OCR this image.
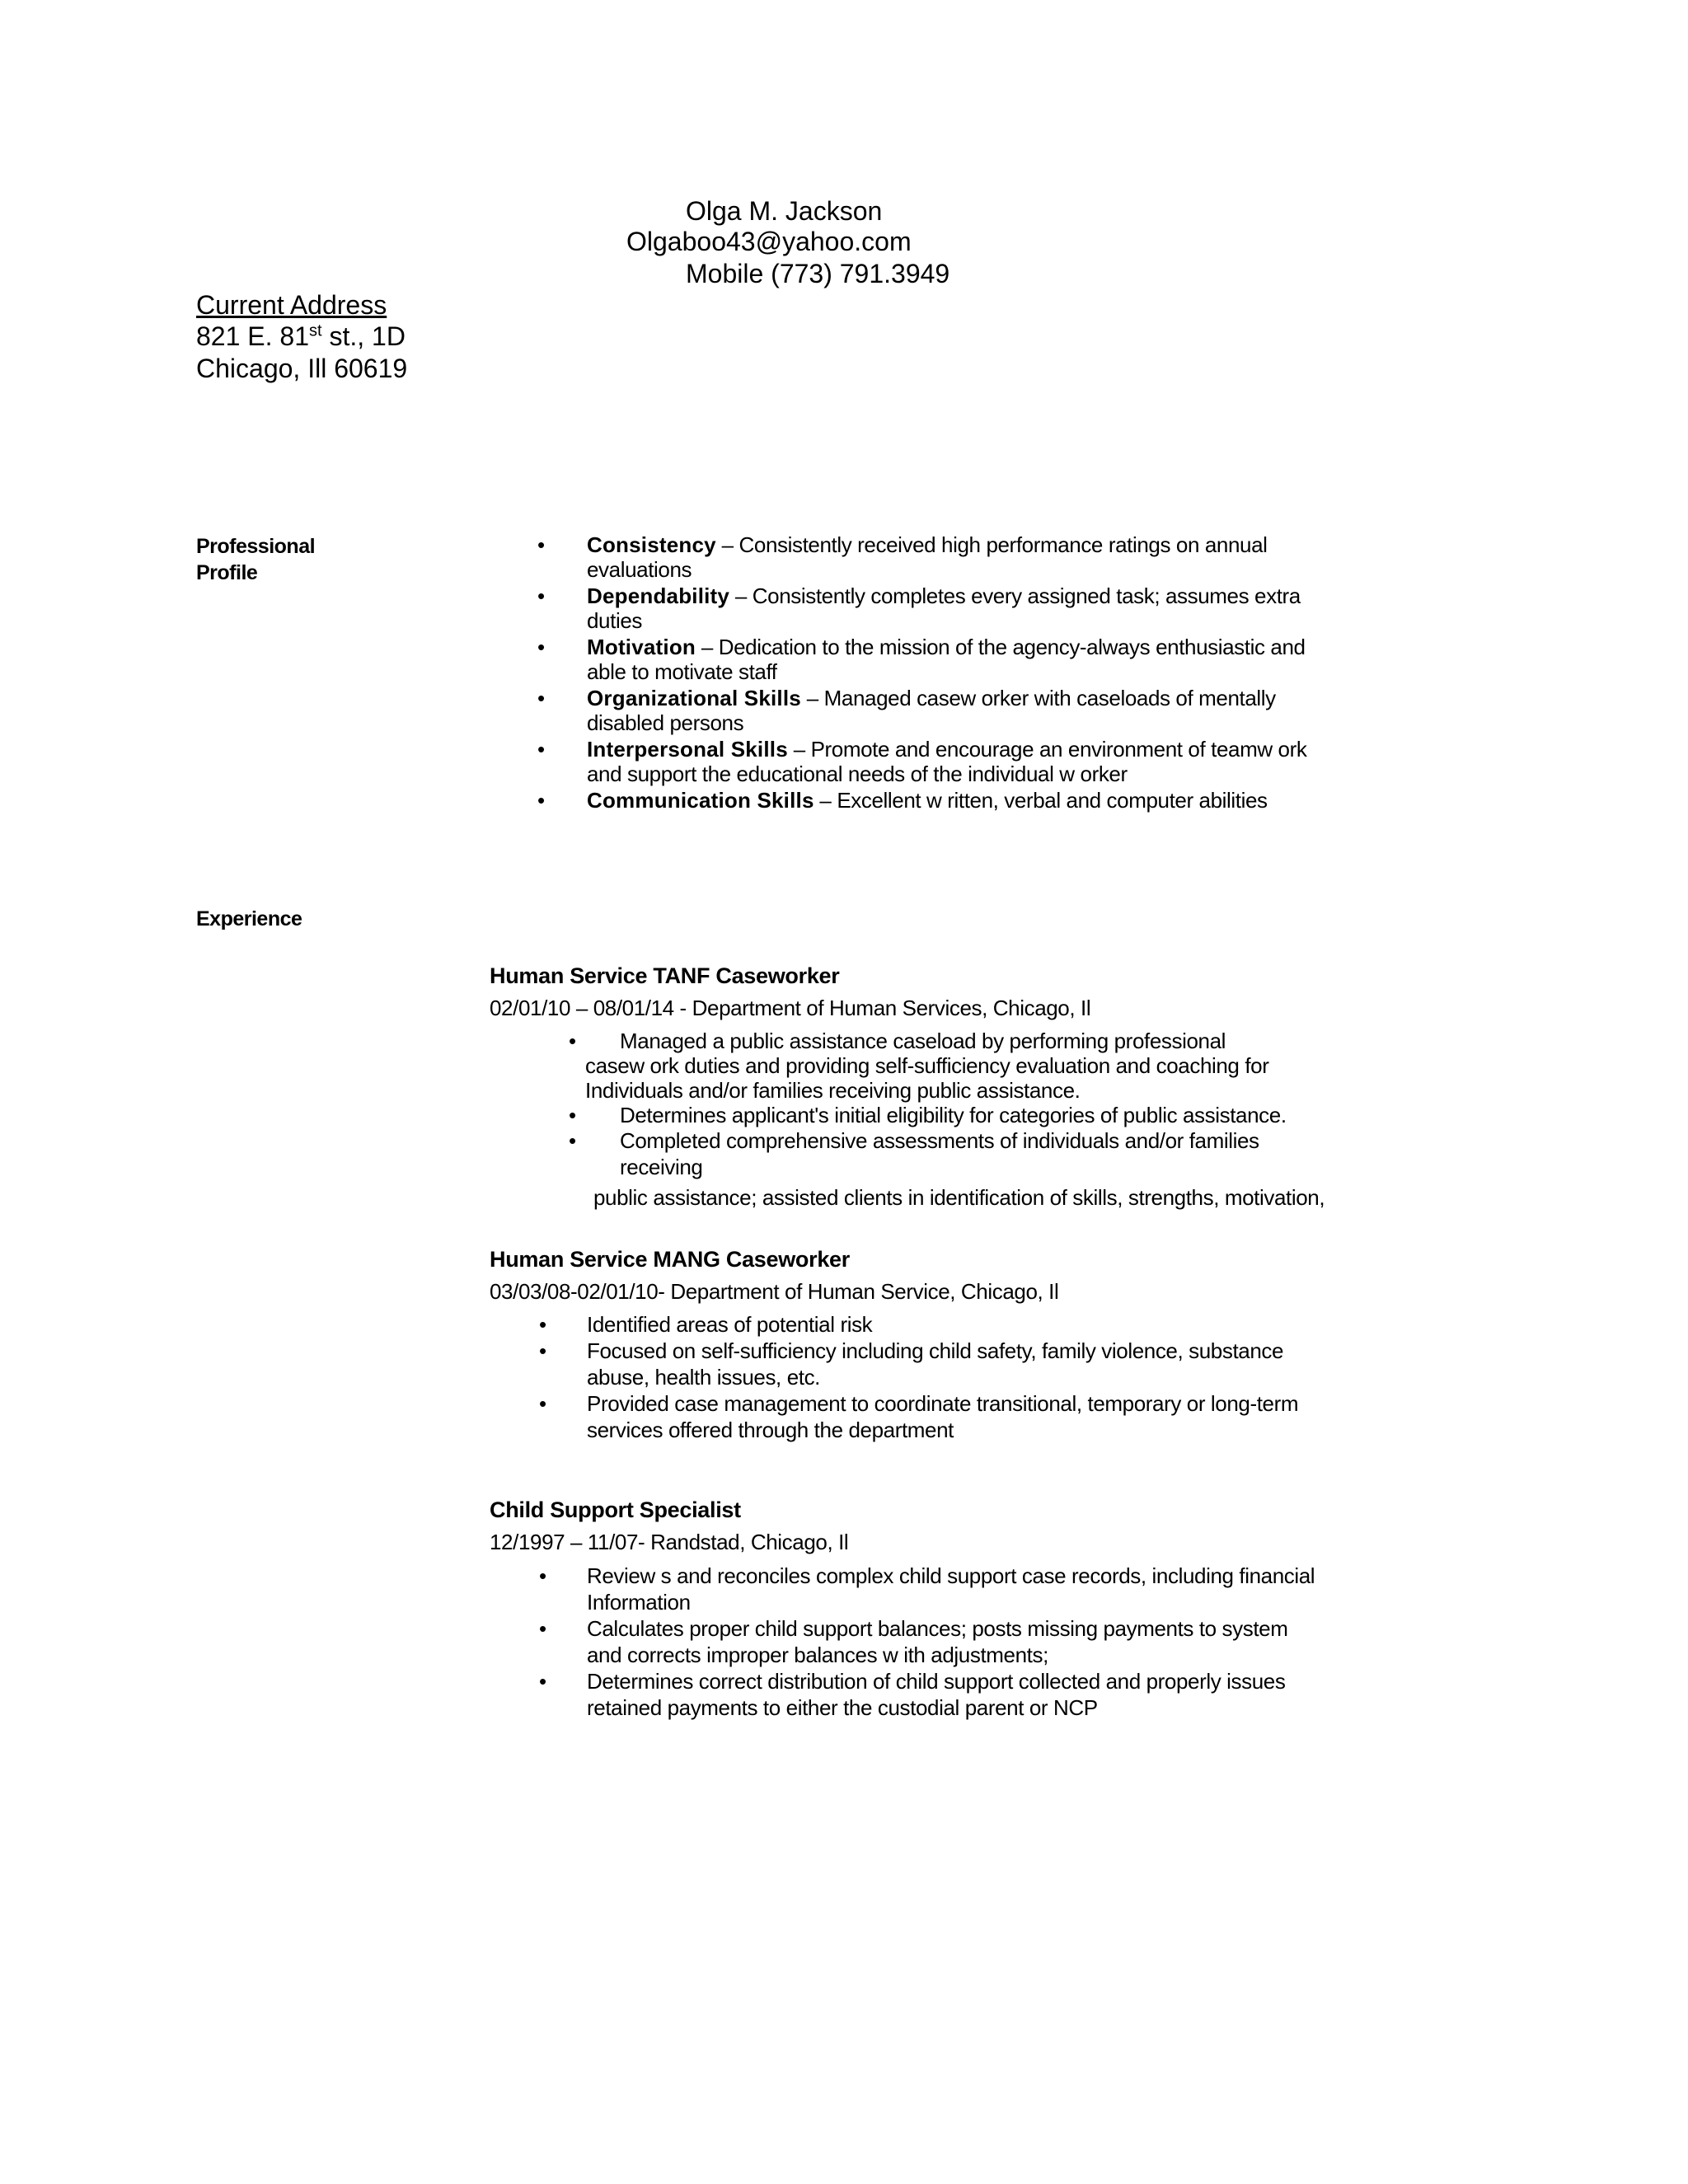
Olga M. Jackson
Olgaboo43@yahoo.com
Mobile (773) 791.3949
Current Address
821 E. 81st st., 1D
Chicago, Ill 60619
Professional
Profile
• Consistency – Consistently received high performance ratings on annual
evaluations
• Dependability – Consistently completes every assigned task; assumes extra
duties
• Motivation – Dedication to the mission of the agency-always enthusiastic and
able to motivate staff
• Organizational Skills – Managed casew orker with caseloads of mentally
disabled persons
• Interpersonal Skills – Promote and encourage an environment of teamw ork
and support the educational needs of the individual w orker
• Communication Skills – Excellent w ritten, verbal and computer abilities
Experience
Human Service TANF Caseworker
02/01/10 – 08/01/14 - Department of Human Services, Chicago, Il
• Managed a public assistance caseload by performing professional
casew ork duties and providing self-sufficiency evaluation and coaching for
Individuals and/or families receiving public assistance.
• Determines applicant's initial eligibility for categories of public assistance.
• Completed comprehensive assessments of individuals and/or families
receiving
public assistance; assisted clients in identification of skills, strengths, motivation,
Human Service MANG Caseworker
03/03/08-02/01/10- Department of Human Service, Chicago, Il
• Identified areas of potential risk
• Focused on self-sufficiency including child safety, family violence, substance
abuse, health issues, etc.
• Provided case management to coordinate transitional, temporary or long-term
services offered through the department
Child Support Specialist
12/1997 – 11/07- Randstad, Chicago, Il
• Review s and reconciles complex child support case records, including financial
Information
• Calculates proper child support balances; posts missing payments to system
and corrects improper balances w ith adjustments;
• Determines correct distribution of child support collected and properly issues
retained payments to either the custodial parent or NCP
